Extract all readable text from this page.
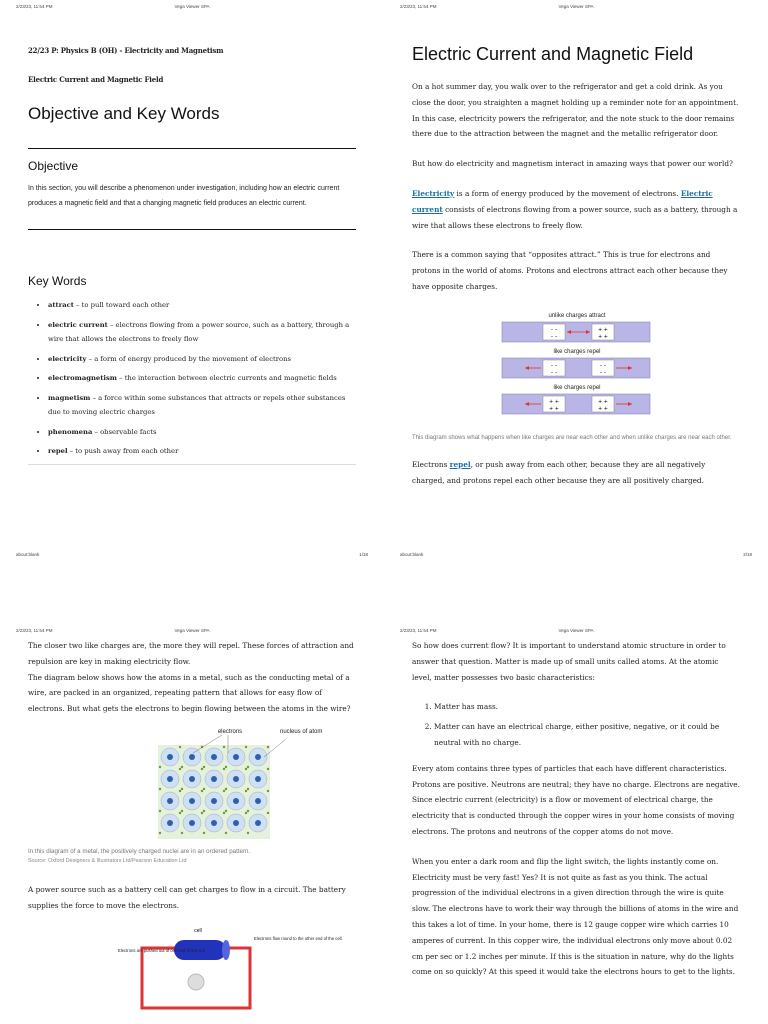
2/23/23, 11:54 PM	Vega Viewer SPA
22/23 P: Physics B (OH) - Electricity and Magnetism
Electric Current and Magnetic Field
Objective and Key Words
Objective

In this section, you will describe a phenomenon under investigation, including how an electric current produces a magnetic field and that a changing magnetic field produces an electric current.

Key Words
• attract – to pull toward each other
• electric current – electrons flowing from a power source, such as a battery, through a wire that allows the electrons to freely flow
• electricity – a form of energy produced by the movement of electrons
• electromagnetism – the interaction between electric currents and magnetic fields
• magnetism – a force within some substances that attracts or repels other substances due to moving electric charges
• phenomena – observable facts
• repel – to push away from each other
about:blank	1/18
2/23/23, 11:54 PM	Vega Viewer SPA
Electric Current and Magnetic Field

On a hot summer day, you walk over to the refrigerator and get a cold drink. As you close the door, you straighten a magnet holding up a reminder note for an appointment. In this case, electricity powers the refrigerator, and the note stuck to the door remains there due to the attraction between the magnet and the metallic refrigerator door.

But how do electricity and magnetism interact in amazing ways that power our world?

Electricity is a form of energy produced by the movement of electrons. Electric current consists of electrons flowing from a power source, such as a battery, through a wire that allows these electrons to freely flow.

There is a common saying that “opposites attract.” This is true for electrons and protons in the world of atoms. Protons and electrons attract each other because they have opposite charges.

unlike charges attract
– –
– –
+ +
+ +
like charges repel
– –
– –
– –
– –
like charges repel
+ +
+ +
+ +
+ +

This diagram shows what happens when like charges are near each other and when unlike charges are near each other.

Electrons repel, or push away from each other, because they are all negatively charged, and protons repel each other because they are all positively charged.

about:blank	2/18
2/23/23, 11:54 PM	Vega Viewer SPA

The closer two like charges are, the more they will repel. These forces of attraction and repulsion are key in making electricity flow.

The diagram below shows how the atoms in a metal, such as the conducting metal of a wire, are packed in an organized, repeating pattern that allows for easy flow of electrons. But what gets the electrons to begin flowing between the atoms in the wire?

electrons	nucleus of atom

In this diagram of a metal, the positively charged nuclei are in an ordered pattern.

Source: Oxford Designers & Illustrators Ltd/Pearson Education Ltd

A power source such as a battery cell can get charges to flow in a circuit. The battery supplies the force to move the electrons.

cell
Electrons are pushed out of one end of the cell.
Electrons flow round to the other end of the cell.
2/23/23, 11:54 PM	Vega Viewer SPA

So how does current flow? It is important to understand atomic structure in order to answer that question. Matter is made up of small units called atoms. At the atomic level, matter possesses two basic characteristics:

1. Matter has mass.
2. Matter can have an electrical charge, either positive, negative, or it could be neutral with no charge.

Every atom contains three types of particles that each have different characteristics. Protons are positive. Neutrons are neutral; they have no charge. Electrons are negative. Since electric current (electricity) is a flow or movement of electrical charge, the electricity that is conducted through the copper wires in your home consists of moving electrons. The protons and neutrons of the copper atoms do not move.

When you enter a dark room and flip the light switch, the lights instantly come on. Electricity must be very fast! Yes? It is not quite as fast as you think. The actual progression of the individual electrons in a given direction through the wire is quite slow. The electrons have to work their way through the billions of atoms in the wire and this takes a lot of time. In your home, there is 12 gauge copper wire which carries 10 amperes of current. In this copper wire, the individual electrons only move about 0.02 cm per sec or 1.2 inches per minute. If this is the situation in nature, why do the lights come on so quickly? At this speed it would take the electrons hours to get to the lights.
